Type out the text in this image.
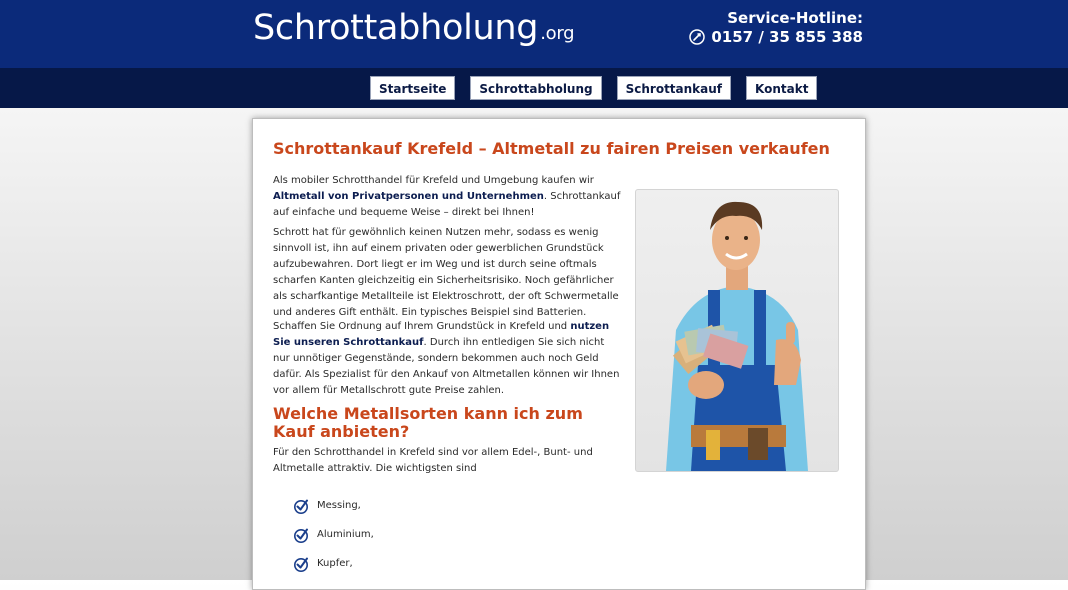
Schrottabholung .org
Service-Hotline:
0157 / 35 855 388
Startseite	Schrottabholung	Schrottankauf	Kontakt
Schrottankauf Krefeld – Altmetall zu fairen Preisen verkaufen

Als mobiler Schrotthandel für Krefeld und Umgebung kaufen wir Altmetall von Privatpersonen und Unternehmen. Schrottankauf auf einfache und bequeme Weise – direkt bei Ihnen!

Schrott hat für gewöhnlich keinen Nutzen mehr, sodass es wenig sinnvoll ist, ihn auf einem privaten oder gewerblichen Grundstück aufzubewahren. Dort liegt er im Weg und ist durch seine oftmals scharfen Kanten gleichzeitig ein Sicherheitsrisiko. Noch gefährlicher als scharfkantige Metallteile ist Elektroschrott, der oft Schwermetalle und anderes Gift enthält. Ein typisches Beispiel sind Batterien.

Schaffen Sie Ordnung auf Ihrem Grundstück in Krefeld und nutzen Sie unseren Schrottankauf. Durch ihn entledigen Sie sich nicht nur unnötiger Gegenstände, sondern bekommen auch noch Geld dafür. Als Spezialist für den Ankauf von Altmetallen können wir Ihnen vor allem für Metallschrott gute Preise zahlen.

Welche Metallsorten kann ich zum Kauf anbieten?

Für den Schrotthandel in Krefeld sind vor allem Edel-, Bunt- und Altmetalle attraktiv. Die wichtigsten sind

Messing,
Aluminium,
Kupfer,
